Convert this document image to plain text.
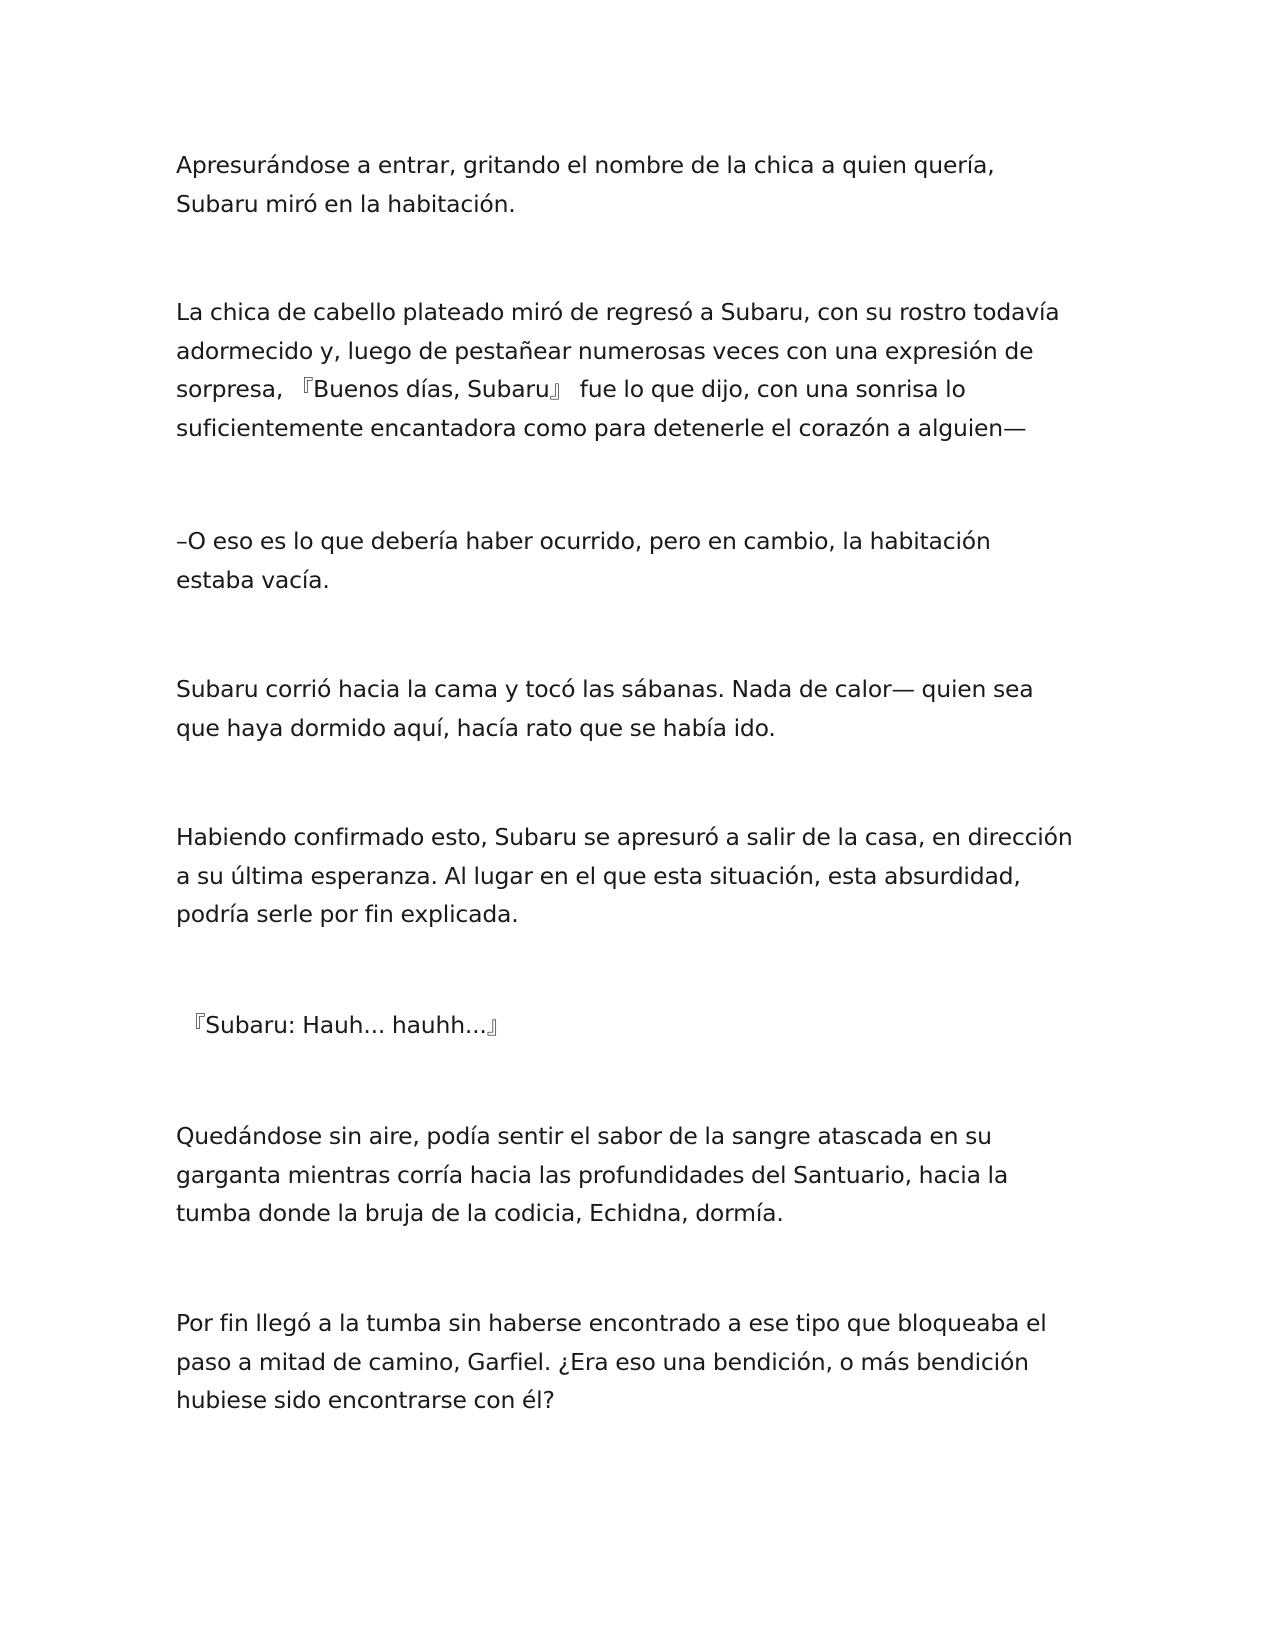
Apresurándose a entrar, gritando el nombre de la chica a quien quería,
Subaru miró en la habitación.

La chica de cabello plateado miró de regresó a Subaru, con su rostro todavía
adormecido y, luego de pestañear numerosas veces con una expresión de
sorpresa, 『Buenos días, Subaru』 fue lo que dijo, con una sonrisa lo
suficientemente encantadora como para detenerle el corazón a alguien—

–O eso es lo que debería haber ocurrido, pero en cambio, la habitación
estaba vacía.

Subaru corrió hacia la cama y tocó las sábanas. Nada de calor— quien sea
que haya dormido aquí, hacía rato que se había ido.

Habiendo confirmado esto, Subaru se apresuró a salir de la casa, en dirección
a su última esperanza. Al lugar en el que esta situación, esta absurdidad,
podría serle por fin explicada.

『Subaru: Hauh... hauhh...』

Quedándose sin aire, podía sentir el sabor de la sangre atascada en su
garganta mientras corría hacia las profundidades del Santuario, hacia la
tumba donde la bruja de la codicia, Echidna, dormía.

Por fin llegó a la tumba sin haberse encontrado a ese tipo que bloqueaba el
paso a mitad de camino, Garfiel. ¿Era eso una bendición, o más bendición
hubiese sido encontrarse con él?
